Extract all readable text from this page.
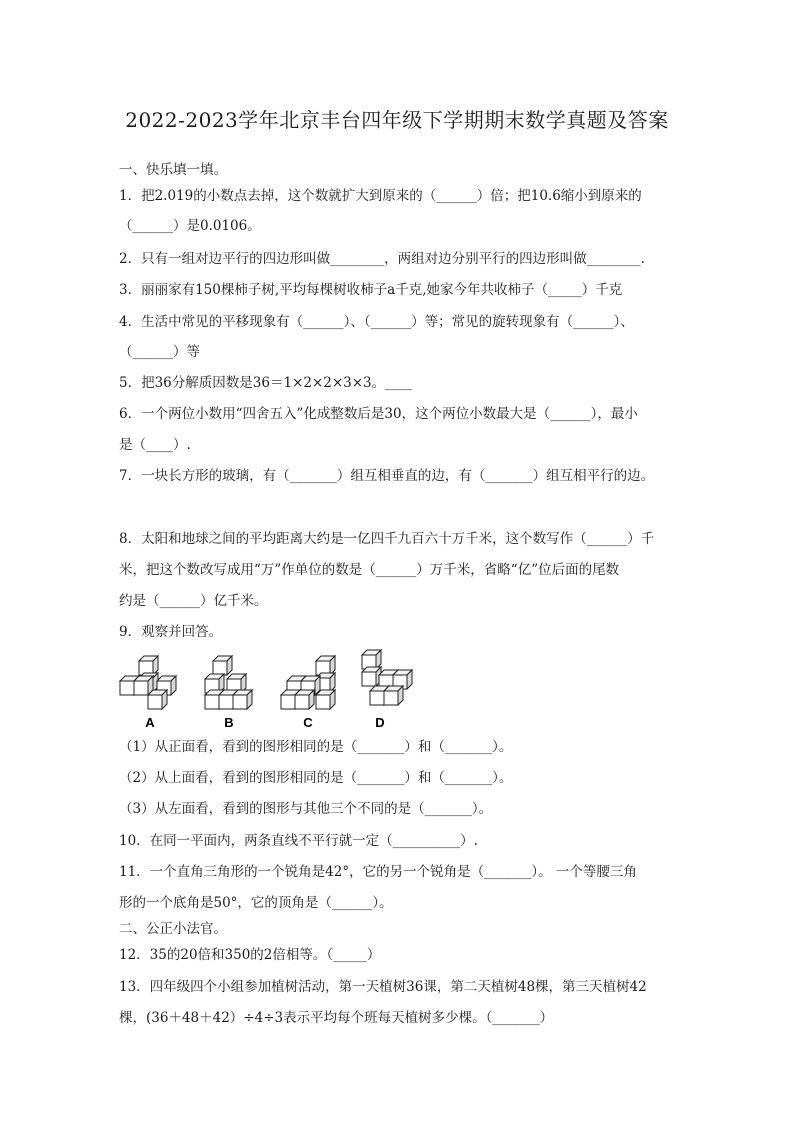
2022-2023学年北京丰台四年级下学期期末数学真题及答案
一、快乐填一填。
1．把2.019的小数点去掉，这个数就扩大到原来的（______）倍；把10.6缩小到原来的
（______）是0.0106。
2．只有一组对边平行的四边形叫做________，两组对边分别平行的四边形叫做________.
3．丽丽家有150棵柿子树,平均每棵树收柿子a千克,她家今年共收柿子（_____）千克
4．生活中常见的平移现象有（______）、（______）等；常见的旋转现象有（______）、
（______）等
5．把36分解质因数是36＝1×2×2×3×3。____
6．一个两位小数用“四舍五入”化成整数后是30，这个两位小数最大是（______），最小
是（____）.
7．一块长方形的玻璃，有（_______）组互相垂直的边，有（_______）组互相平行的边。
8．太阳和地球之间的平均距离大约是一亿四千九百六十万千米，这个数写作（______）千
米，把这个数改写成用“万”作单位的数是（______）万千米，省略“亿”位后面的尾数
约是（______）亿千米。
9．观察并回答。
A	B	C	D
（1）从正面看，看到的图形相同的是（_______）和（_______）。
（2）从上面看，看到的图形相同的是（_______）和（_______）。
（3）从左面看，看到的图形与其他三个不同的是（_______）。
10．在同一平面内，两条直线不平行就一定（__________）.
11．一个直角三角形的一个锐角是42°，它的另一个锐角是（_______）。 一个等腰三角
形的一个底角是50°，它的顶角是（______）。
二、公正小法官。
12．35的20倍和350的2倍相等。（_____）
13．四年级四个小组参加植树活动，第一天植树36课，第二天植树48棵，第三天植树42
棵，(36＋48＋42）÷4÷3表示平均每个班每天植树多少棵。（_______）
